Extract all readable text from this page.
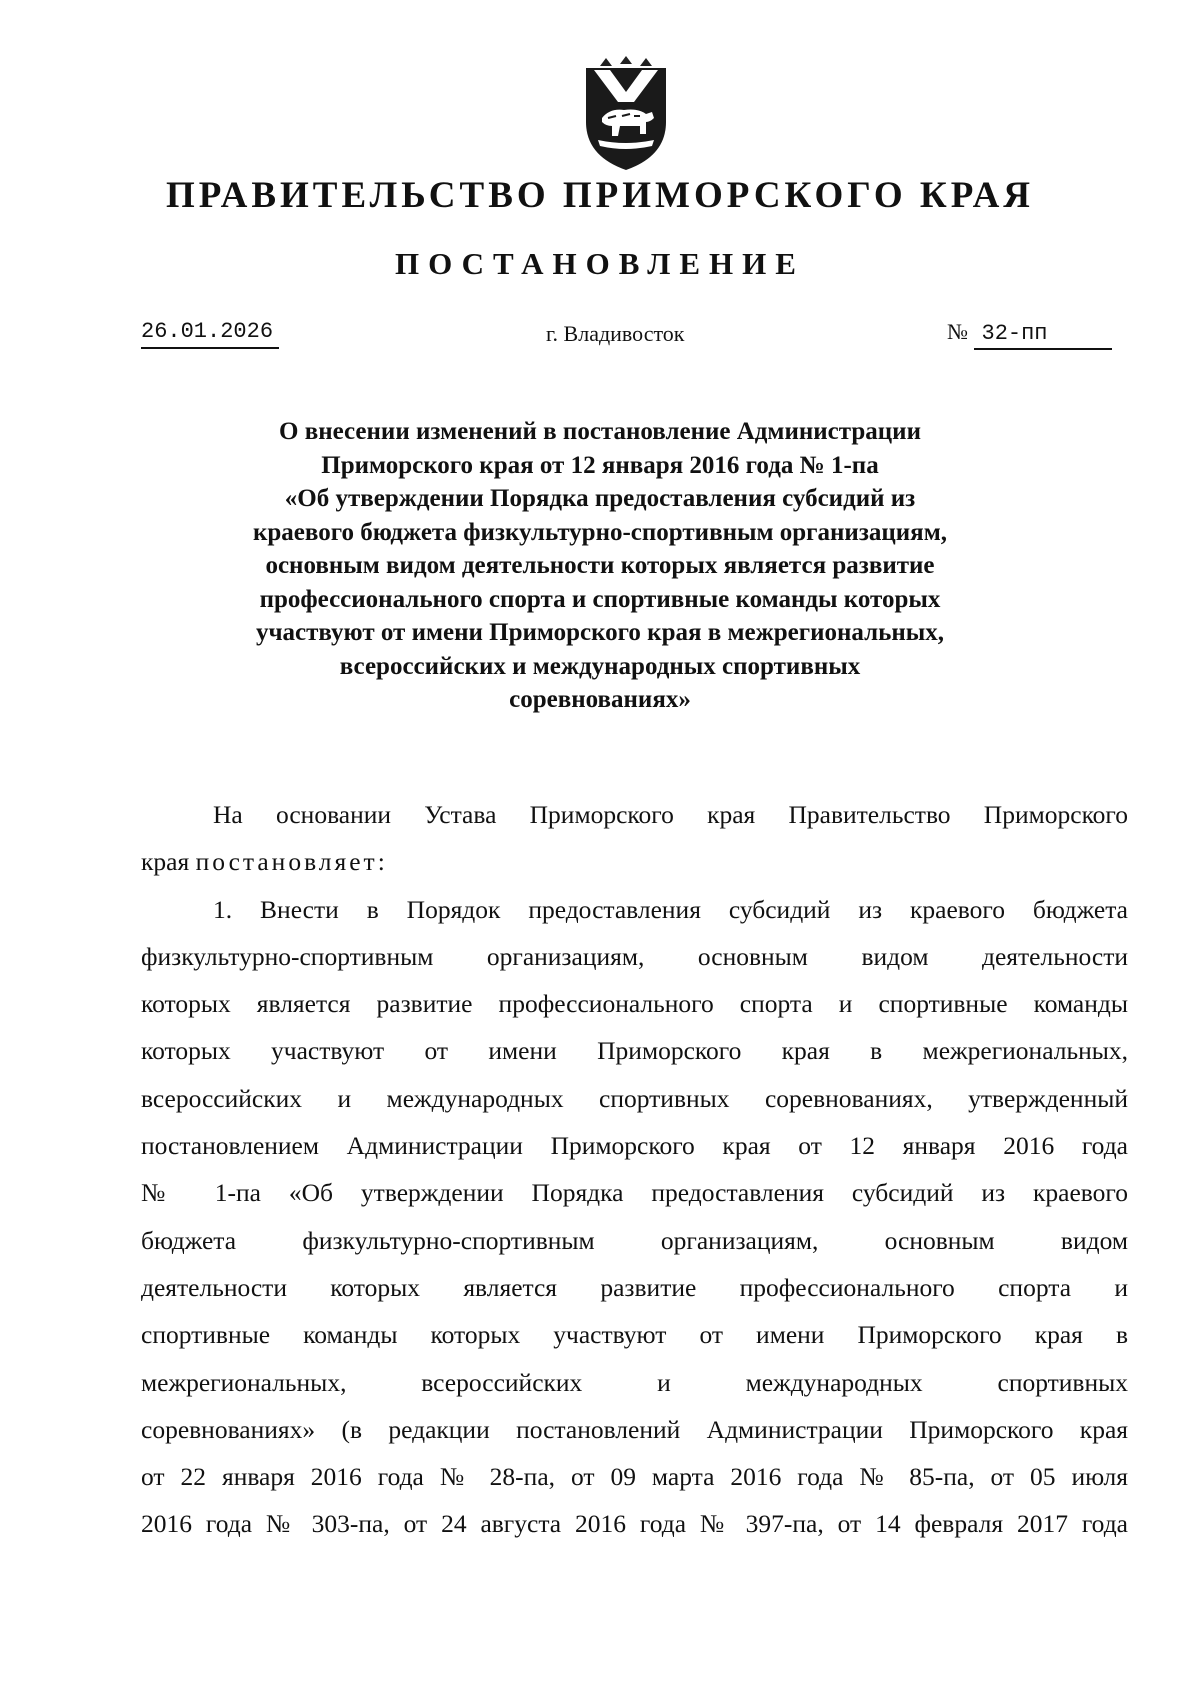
ПРАВИТЕЛЬСТВО ПРИМОРСКОГО КРАЯ
ПОСТАНОВЛЕНИЕ
26.01.2026	г. Владивосток	№ 32-пп
О внесении изменений в постановление Администрации
Приморского края от 12 января 2016 года № 1-па
«Об утверждении Порядка предоставления субсидий из
краевого бюджета физкультурно-спортивным организациям,
основным видом деятельности которых является развитие
профессионального спорта и спортивные команды которых
участвуют от имени Приморского края в межрегиональных,
всероссийских и международных спортивных
соревнованиях»
На основании Устава Приморского края Правительство Приморского
края постановляет:
1. Внести в Порядок предоставления субсидий из краевого бюджета
физкультурно-спортивным организациям, основным видом деятельности
которых является развитие профессионального спорта и спортивные команды
которых участвуют от имени Приморского края в межрегиональных,
всероссийских и международных спортивных соревнованиях, утвержденный
постановлением Администрации Приморского края от 12 января 2016 года
№ 1-па «Об утверждении Порядка предоставления субсидий из краевого
бюджета физкультурно-спортивным организациям, основным видом
деятельности которых является развитие профессионального спорта и
спортивные команды которых участвуют от имени Приморского края в
межрегиональных, всероссийских и международных спортивных
соревнованиях» (в редакции постановлений Администрации Приморского края
от 22 января 2016 года № 28-па, от 09 марта 2016 года № 85-па, от 05 июля
2016 года № 303-па, от 24 августа 2016 года № 397-па, от 14 февраля 2017 года
